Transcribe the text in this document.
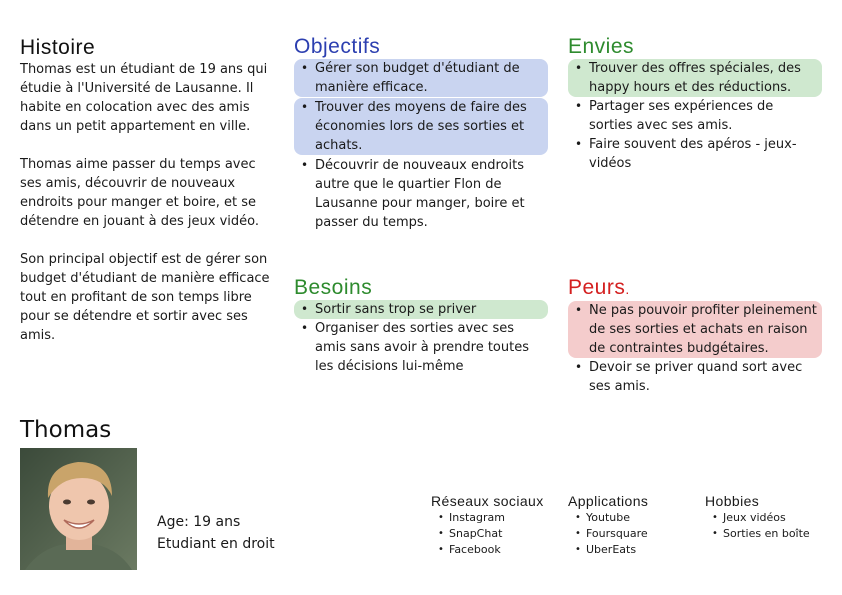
Histoire

Thomas est un étudiant de 19 ans qui étudie à l'Université de Lausanne. Il habite en colocation avec des amis dans un petit appartement en ville.

Thomas aime passer du temps avec ses amis, découvrir de nouveaux endroits pour manger et boire, et se détendre en jouant à des jeux vidéo.

Son principal objectif est de gérer son budget d'étudiant de manière efficace tout en profitant de son temps libre pour se détendre et sortir avec ses amis.

Objectifs
• Gérer son budget d'étudiant de manière efficace.
• Trouver des moyens de faire des économies lors de ses sorties et achats.
• Découvrir de nouveaux endroits autre que le quartier Flon de Lausanne pour manger, boire et passer du temps.
Envies
• Trouver des offres spéciales, des happy hours et des réductions.
• Partager ses expériences de sorties avec ses amis.
• Faire souvent des apéros - jeux-vidéos
Besoins
• Sortir sans trop se priver
• Organiser des sorties avec ses amis sans avoir à prendre toutes les décisions lui-même
Peurs.
• Ne pas pouvoir profiter pleinement de ses sorties et achats en raison de contraintes budgétaires.
• Devoir se priver quand sort avec ses amis.
Thomas
Age: 19 ans
Etudiant en droit
Réseaux sociaux
• Instagram
• SnapChat
• Facebook
Applications
• Youtube
• Foursquare
• UberEats
Hobbies
• Jeux vidéos
• Sorties en boîte
